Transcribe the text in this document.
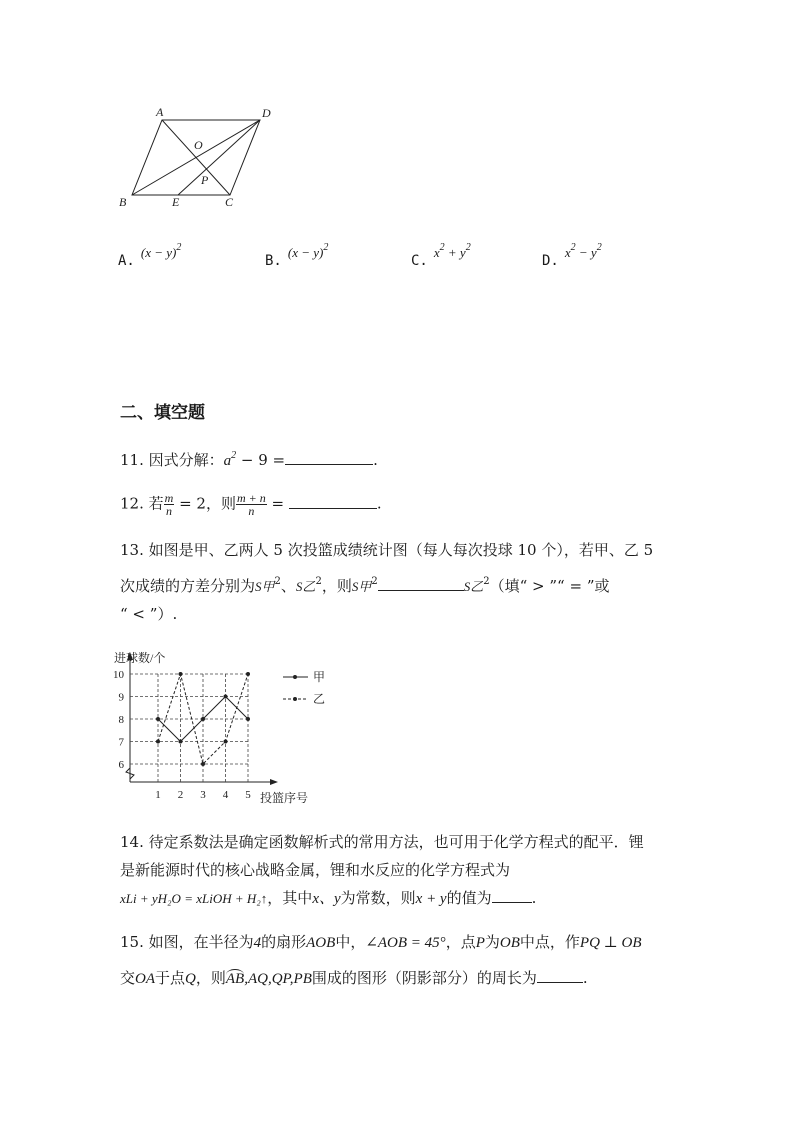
A	D
O
P
B	E	C
$A.(x - y)^2$
$B.(x - y)^2$
$C.x^2 + y^2$
$D.x^2 - y^2$
二、填空题
11. 因式分解：$a^2 - 9$ =	.
12. 若 $\frac{m}{n} = 2$，则 $\frac{m + n}{n}$ =	.
13. 如图是甲、乙两人 5 次投篮成绩统计图（每人每次投球 10 个），若甲、乙 5
次成绩的方差分别为S甲$^2$、S乙$^2$，则S甲$^2$	S乙$^2$（填“ > ”“ = ”或
“ < ”）.
6
7
8
9
10
1 2 3 4 5
进球数/个
投篮序号
甲
乙
14. 待定系数法是确定函数解析式的常用方法，也可用于化学方程式的配平．锂
是新能源时代的核心战略金属，锂和水反应的化学方程式为
xLi + yH₂O = xLiOH + H₂↑，其中x、y为常数，则x + y的值为	.
15. 如图，在半径为4的扇形AOB中，∠AOB = 45°，点P为OB中点，作PQ ⊥ OB
交OA于点Q，则AB,AQ,QP,PB围成的图形（阴影部分）的周长为	.
